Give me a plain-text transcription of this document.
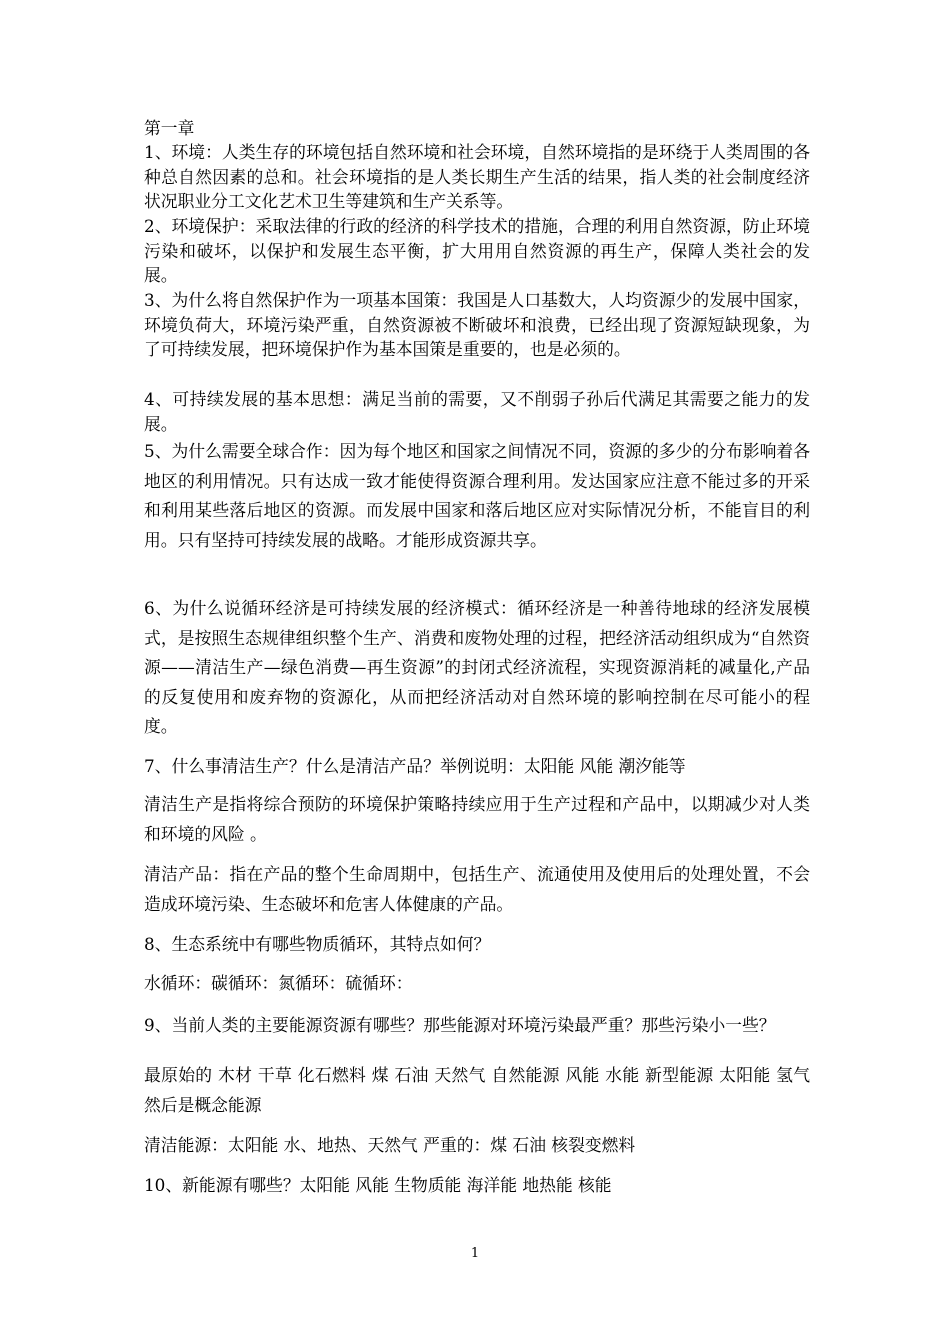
第一章

1、环境：人类生存的环境包括自然环境和社会环境，自然环境指的是环绕于人类周围的各种总自然因素的总和。社会环境指的是人类长期生产生活的结果，指人类的社会制度经济状况职业分工文化艺术卫生等建筑和生产关系等。

2、环境保护：采取法律的行政的经济的科学技术的措施，合理的利用自然资源，防止环境污染和破坏，以保护和发展生态平衡，扩大用用自然资源的再生产，保障人类社会的发展。

3、为什么将自然保护作为一项基本国策：我国是人口基数大，人均资源少的发展中国家，环境负荷大，环境污染严重，自然资源被不断破坏和浪费，已经出现了资源短缺现象，为了可持续发展，把环境保护作为基本国策是重要的，也是必须的。

4、可持续发展的基本思想：满足当前的需要，又不削弱子孙后代满足其需要之能力的发展。

5、为什么需要全球合作：因为每个地区和国家之间情况不同，资源的多少的分布影响着各地区的利用情况。只有达成一致才能使得资源合理利用。发达国家应注意不能过多的开采和利用某些落后地区的资源。而发展中国家和落后地区应对实际情况分析，不能盲目的利用。只有坚持可持续发展的战略。才能形成资源共享。

6、为什么说循环经济是可持续发展的经济模式：循环经济是一种善待地球的经济发展模式，是按照生态规律组织整个生产、消费和废物处理的过程，把经济活动组织成为“自然资源——清洁生产—绿色消费—再生资源”的封闭式经济流程，实现资源消耗的减量化,产品的反复使用和废弃物的资源化，从而把经济活动对自然环境的影响控制在尽可能小的程度。

7、什么事清洁生产？什么是清洁产品？举例说明：太阳能 风能 潮汐能等

清洁生产是指将综合预防的环境保护策略持续应用于生产过程和产品中，以期减少对人类和环境的风险 。

清洁产品：指在产品的整个生命周期中，包括生产、流通使用及使用后的处理处置，不会造成环境污染、生态破坏和危害人体健康的产品。

8、生态系统中有哪些物质循环，其特点如何？

水循环：碳循环：氮循环：硫循环：

9、当前人类的主要能源资源有哪些？那些能源对环境污染最严重？那些污染小一些？

最原始的 木材 干草 化石燃料 煤 石油 天然气 自然能源 风能 水能 新型能源 太阳能 氢气 然后是概念能源

清洁能源：太阳能 水、地热、天然气 严重的：煤 石油 核裂变燃料

10、新能源有哪些？太阳能 风能 生物质能 海洋能 地热能 核能

1
